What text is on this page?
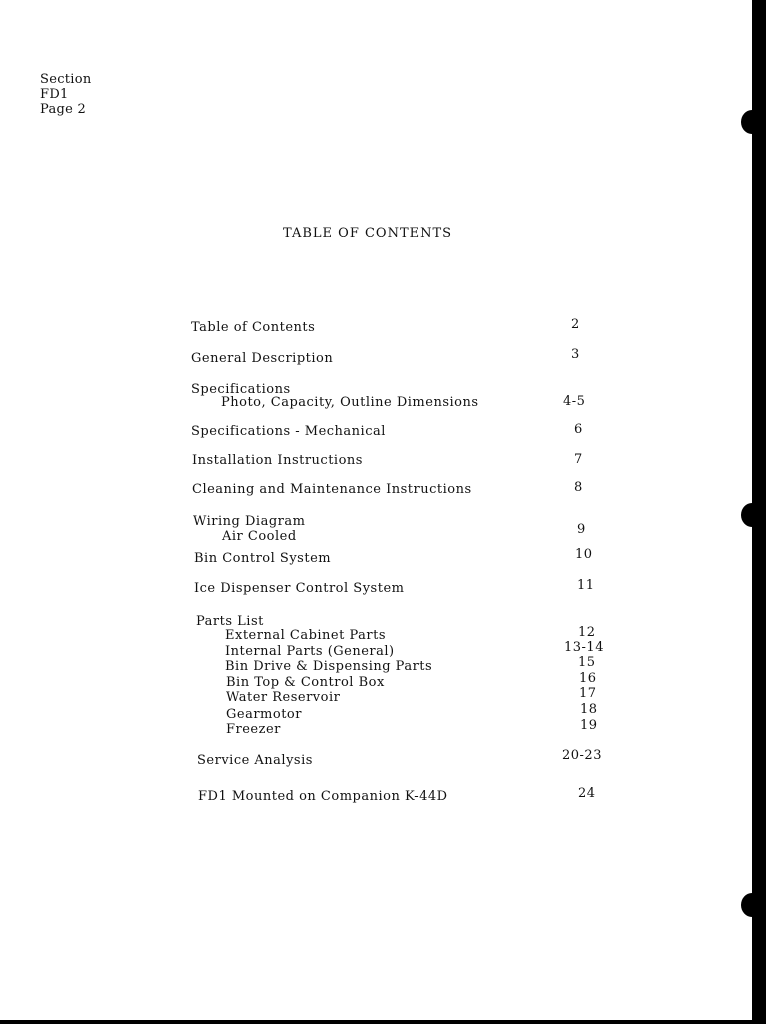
Section
FD1
Page 2
TABLE OF CONTENTS
Table of Contents	2
General Description	3
Specifications
Photo, Capacity, Outline Dimensions	4-5
Specifications - Mechanical	6
Installation Instructions	7
Cleaning and Maintenance Instructions	8
Wiring Diagram
Air Cooled	9
Bin Control System	10
Ice Dispenser Control System	11
Parts List
External Cabinet Parts	12
Internal Parts (General)	13-14
Bin Drive & Dispensing Parts	15
Bin Top & Control Box	16
Water Reservoir	17
Gearmotor	18
Freezer	19
Service Analysis	20-23
FD1 Mounted on Companion K-44D	24
